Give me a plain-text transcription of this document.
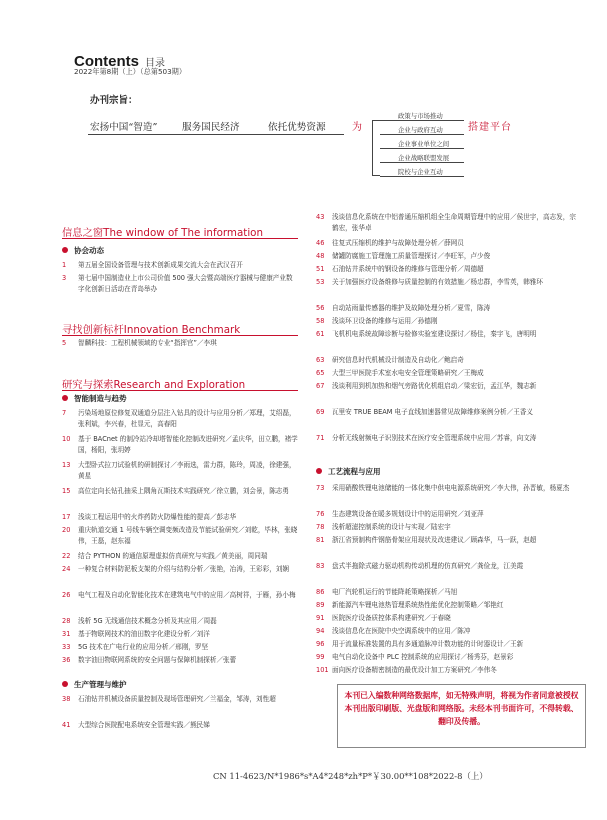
Contents 目录
2022年第8期（上）（总第503期）
办刊宗旨：
宏扬中国“智造”	服务国民经济	依托优势资源	为
政策与市场推动
企业与政府互动
企业事业单位之间
企业战略联盟发展
院校与企业互动
搭建平台
信息之窗The window of The information
协会动态
1	第五届全国设备管理与技术创新成果交流大会在武汉召开
3	第七届中国制造业上市公司价值 500 强大会暨高端医疗器械与健康产业数字化创新日活动在青岛举办
寻找创新标杆Innovation Benchmark
5	智麟科技：工程机械领域的专业“指挥官”／李琪
研究与探索Research and Exploration
智能制造与趋势
7	污染场地原位修复双通道分层注入钻具的设计与应用分析／郑理，艾绍磊，张利斌，李兴春，杜显元，高春阳
10	基于 BACnet 的制冷站冷却塔智能化控制改进研究／孟庆华，田立鹏，褚学国，杨阳，张玥婷
13	大型卧式拉刀试验机的研制探讨／李雨选，雷力群，陈玲，周凌，徐建强，黄星
15	高位定向长钻孔抽采上隅角瓦斯技术实践研究／徐立鹏，刘会景，陈志勇
17	浅谈工程运用中的火炸药防火防爆性能的提高／彭志华
20	重庆轨道交通 1 号线车辆空调变频改造及节能试验研究／刘乾，毕林，张晓伟，王磊，赵东福
22	结合 PYTHON 的通信原理虚拟仿真研究与实践／黄美丽，周同瑞
24	一种复合材料防泥板支架的介绍与结构分析／张艳，冶涛，王彩彩，刘娴
26	电气工程及自动化智能化技术在建筑电气中的应用／高树祥，于雁，孙小梅
28	浅析 5G 无线通信技术概念分析及其应用／周磊
31	基于物联网技术的油田数字化建设分析／刘洋
33	5G 技术在广电行业的应用分析／邢刚，罗坚
36	数字油田物联网系统的安全问题与保障机制探析／张蕾
生产管理与维护
38	石油钻井机械设备质量控制及现场管理研究／兰福金，邹涛，刘性超
41	大型综合医院配电系统安全管理实践／熊民娣
43	浅谈信息化系统在中铝普通压缩机组全生命周期管理中的应用／侯世宇，高志发，宗鹤宏，张华卓
46	往复式压缩机的维护与故障处理分析／薛网员
48	储罐防腐施工管理施工质量管理探讨／李旺军，卢少俊
51	石油钻井系统中的钢设备的维修与管理分析／周德超
53	关于加强医疗设备维修与质量控制的有效措施／杨忠群，李雪英，韩雅环
56	自动站雨量传感器的维护及故障处理分析／夏雪，陈涛
58	浅谈环卫设备的维修与运用／孙德刚
61	飞机机电系统故障诊断与检修实验室建设探讨／杨佳，秦宇飞，唐明明
63	研究信息时代机械设计制造及自动化／鲍启奇
65	大型三甲医院手术室水电安全管理策略研究／王梅成
67	浅谈利用到机加热和烟气旁路优化机组启动／梁宏衍，孟江华，魏志新
69	瓦里安 TRUE BEAM 电子直线加速器常见故障维修案例分析／王香义
71	分析无线射频电子识别技术在医疗安全管理系统中应用／苏睿，向文涛
工艺流程与应用
73	采用硝酸铁锂电池储能的一体化集中供电电源系统研究／李大伟，孙晋敏，杨夏杰
76	生态建筑设备在暖多规划设计中的运用研究／刘亚萍
78	浅析超滤控制系统的设计与实现／陆宏宇
81	浙江省预制构件钢筋骨架应用现状及改进建议／顾森华，马一跃，赵超
83	盘式半拖除式磁力驱动机构传动机理的仿真研究／龚俭龙，江美霞
86	电厂汽轮机运行的节能降耗策略探析／马旭
89	新能源汽车锂电池热管理系统热性能优化控制策略／邹艳红
91	医院医疗设备质控体系构建研究／于春晓
94	浅谈信息化在医院中央空调系统中的应用／陈冲
96	用于流量标准装置的具有多通道脉冲计数功能的计时器设计／王新
99	电气自动化设备中 PLC 控制系统的应用探讨／杨秀芬，赵景彩
101 面向医疗设备精密制造的最优设计加工方案研究／李伟冬
本刊已入编数种网络数据库，如无特殊声明，将视为作者同意被授权本刊出版印刷版、光盘版和网络版。未经本刊书面许可，不得转载、翻印及传播。
CN 11-4623/N*1986*s*A4*248*zh*P*￥30.00**108*2022-8（上）
